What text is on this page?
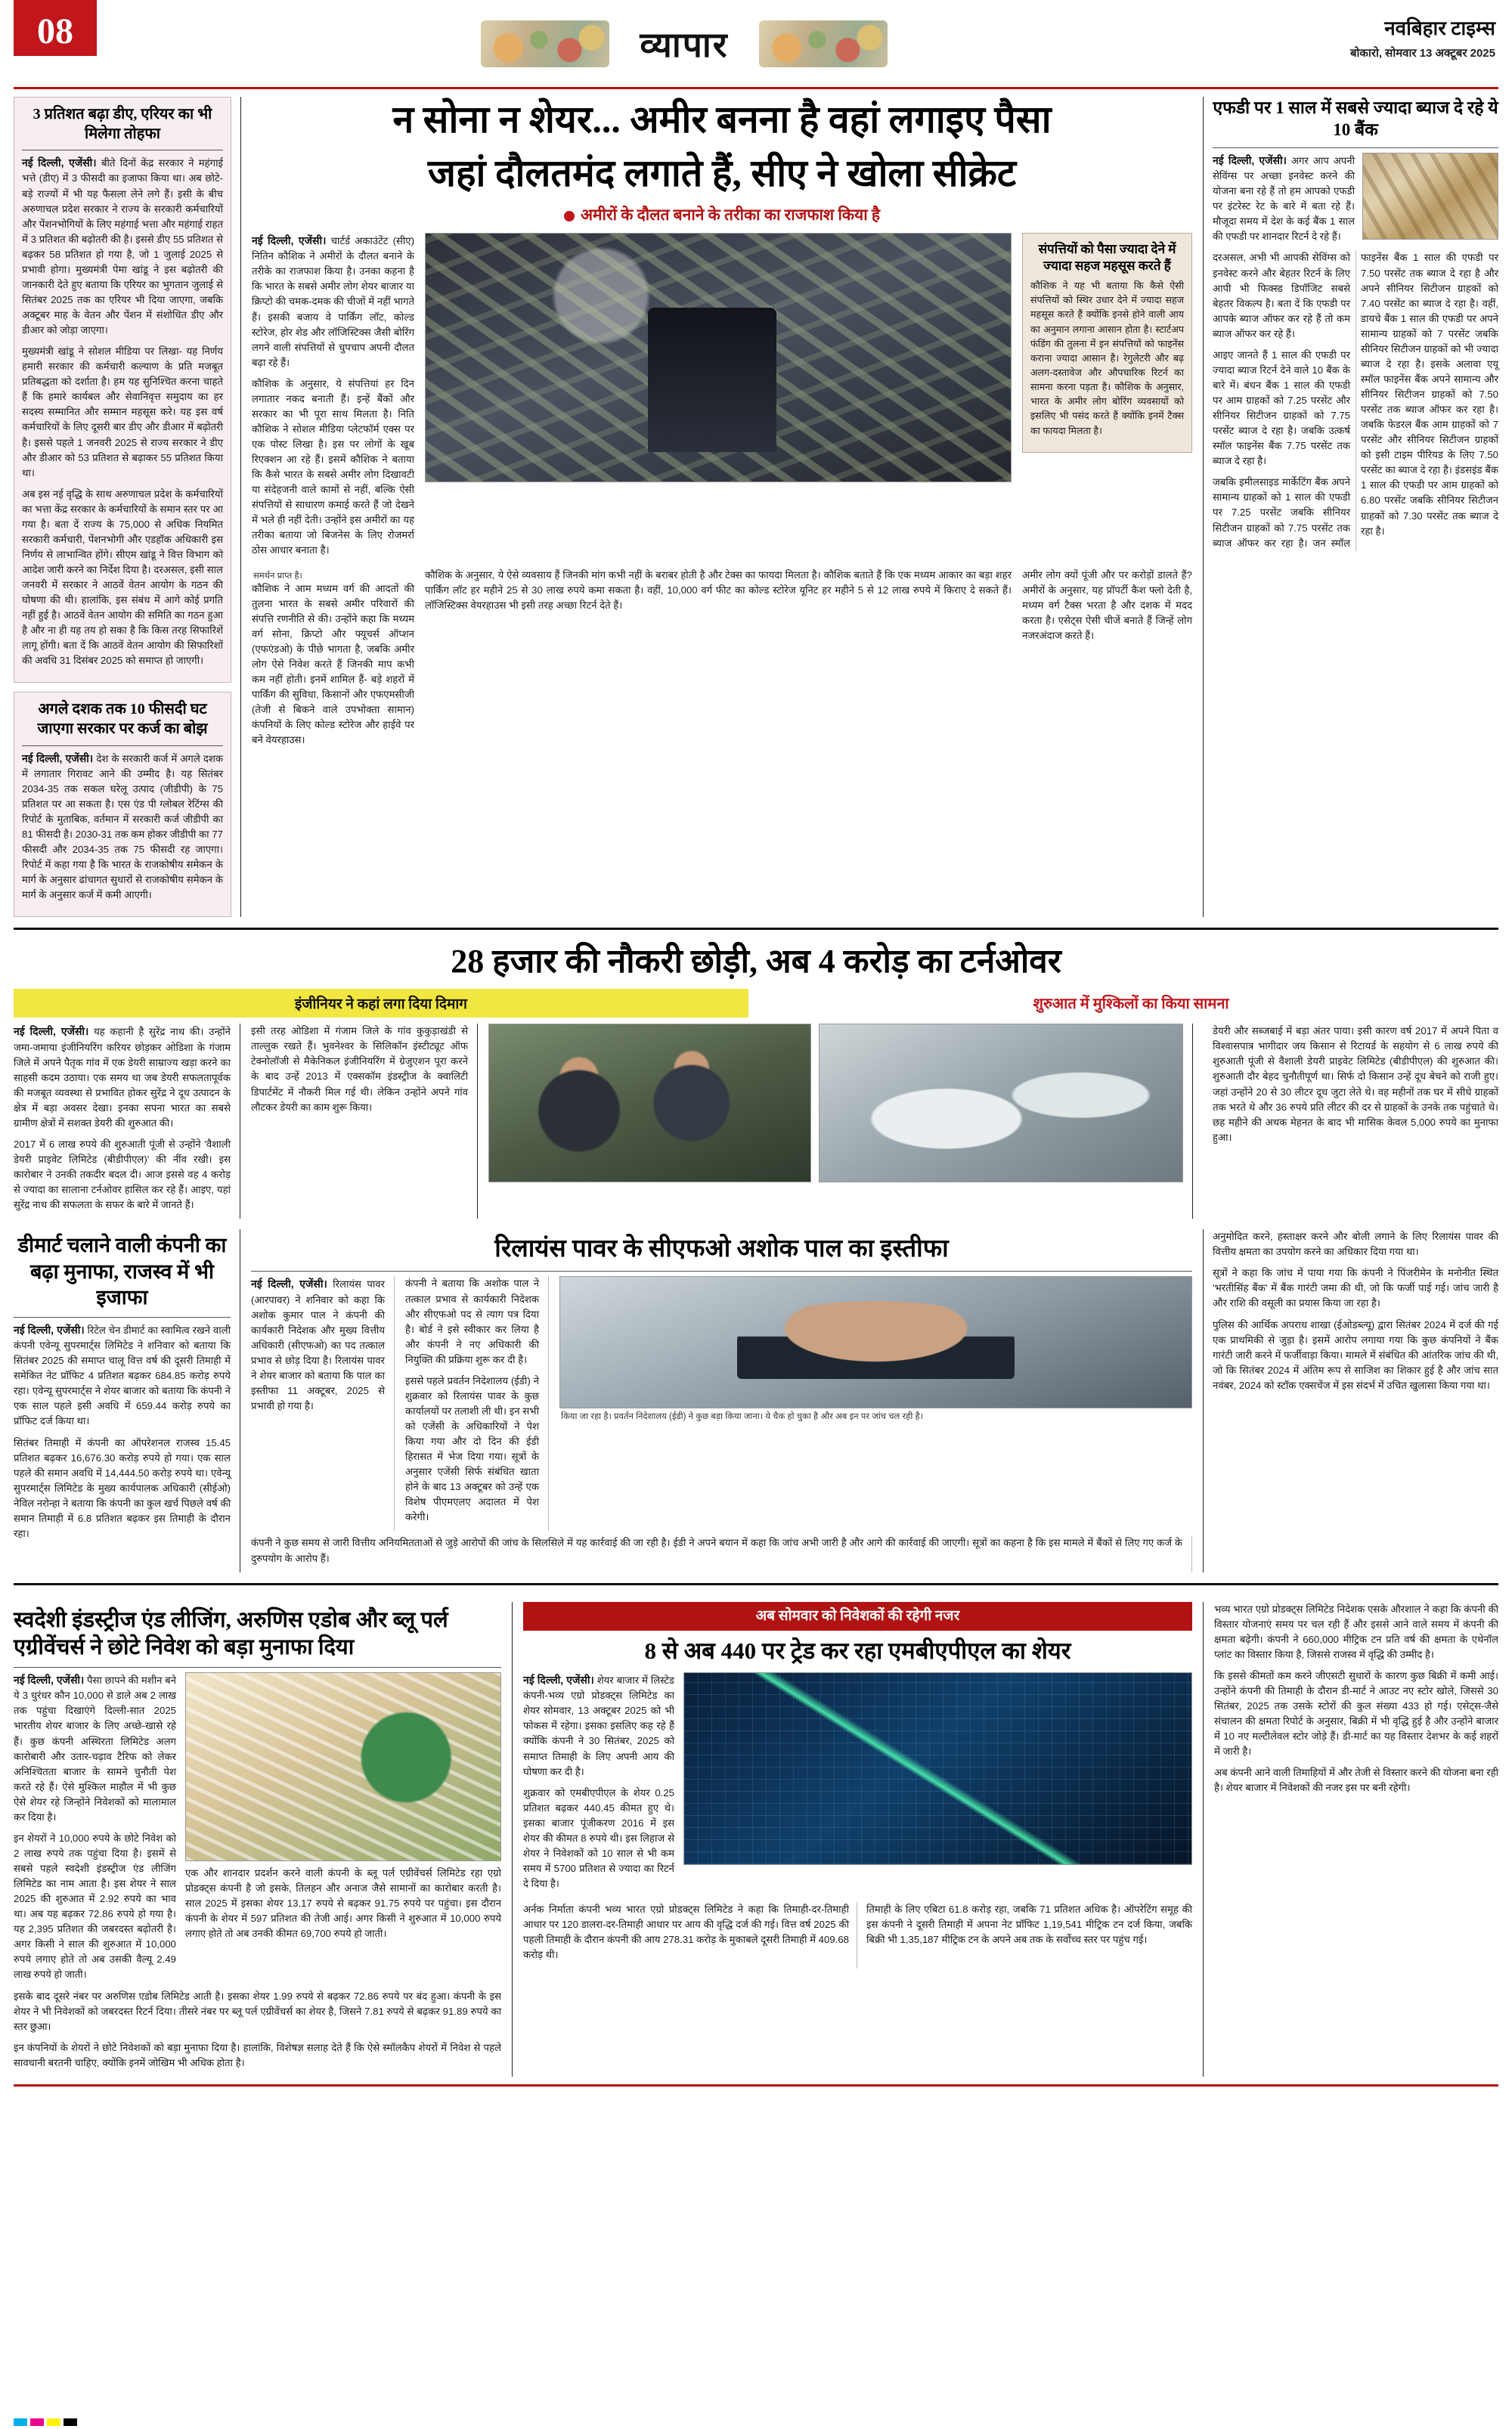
08	व्यापार	नवबिहार टाइम्स
बोकारो, सोमवार 13 अक्टूबर 2025
3 प्रतिशत बढ़ा डीए, एरियर का भी मिलेगा तोहफा

नई दिल्ली, एजेंसी। बीते दिनों केंद्र सरकार ने महंगाई भत्ते (डीए) में 3 फीसदी का इजाफा किया था। अब छोटे-बड़े राज्यों में भी यह फैसला लेने लगे हैं। इसी के बीच अरुणाचल प्रदेश सरकार ने राज्य के सरकारी कर्मचारियों और पेंशनभोगियों के लिए महंगाई भत्ता और महंगाई राहत में 3 प्रतिशत की बढ़ोतरी की है। इससे डीए 55 प्रतिशत से बढ़कर 58 प्रतिशत हो गया है, जो 1 जुलाई 2025 से प्रभावी होगा। मुख्यमंत्री पेमा खांडू ने इस बढ़ोतरी की जानकारी देते हुए बताया कि एरियर का भुगतान जुलाई से सितंबर 2025 तक का एरियर भी दिया जाएगा, जबकि अक्टूबर माह के वेतन और पेंशन में संशोधित डीए और डीआर को जोड़ा जाएगा।

मुख्यमंत्री खांडू ने सोशल मीडिया पर लिखा- यह निर्णय हमारी सरकार की कर्मचारी कल्याण के प्रति मजबूत प्रतिबद्धता को दर्शाता है। हम यह सुनिश्चित करना चाहते हैं कि हमारे कार्यबल और सेवानिवृत्त समुदाय का हर सदस्य सम्मानित और सम्मान महसूस करे। यह इस वर्ष कर्मचारियों के लिए दूसरी बार डीए और डीआर में बढ़ोतरी है। इससे पहले 1 जनवरी 2025 से राज्य सरकार ने डीए और डीआर को 53 प्रतिशत से बढ़ाकर 55 प्रतिशत किया था।

अब इस नई वृद्धि के साथ अरुणाचल प्रदेश के कर्मचारियों का भत्ता केंद्र सरकार के कर्मचारियों के समान स्तर पर आ गया है। बता दें राज्य के 75,000 से अधिक नियमित सरकारी कर्मचारी, पेंशनभोगी और एडहॉक अधिकारी इस निर्णय से लाभान्वित होंगे। सीएम खांडू ने वित्त विभाग को आदेश जारी करने का निर्देश दिया है। दरअसल, इसी साल जनवरी में सरकार ने आठवें वेतन आयोग के गठन की घोषणा की थी। हालांकि, इस संबंध में आगे कोई प्रगति नहीं हुई है। आठवें वेतन आयोग की समिति का गठन हुआ है और ना ही यह तय हो सका है कि किस तरह सिफारिशें लागू होंगी। बता दें कि आठवें वेतन आयोग की सिफारिशों की अवधि 31 दिसंबर 2025 को समाप्त हो जाएगी।

अगले दशक तक 10 फीसदी घट जाएगा सरकार पर कर्ज का बोझ

नई दिल्ली, एजेंसी। देश के सरकारी कर्ज में अगले दशक में लगातार गिरावट आने की उम्मीद है। यह सितंबर 2034-35 तक सकल घरेलू उत्पाद (जीडीपी) के 75 प्रतिशत पर आ सकता है। एस एंड पी ग्लोबल रेटिंग्स की रिपोर्ट के मुताबिक, वर्तमान में सरकारी कर्ज जीडीपी का 81 फीसदी है। 2030-31 तक कम होकर जीडीपी का 77 फीसदी और 2034-35 तक 75 फीसदी रह जाएगा। रिपोर्ट में कहा गया है कि भारत के राजकोषीय समेकन के मार्ग के अनुसार ढांचागत सुधारों से राजकोषीय समेकन के मार्ग के अनुसार कर्ज में कमी आएगी।

न सोना न शेयर... अमीर बनना है वहां लगाइए पैसा
जहां दौलतमंद लगाते हैं, सीए ने खोला सीक्रेट
अमीरों के दौलत बनाने के तरीका का राजफाश किया है

नई दिल्ली, एजेंसी। चार्टर्ड अकाउंटेंट (सीए) नितिन कौशिक ने अमीरों के दौलत बनाने के तरीके का राजफाश किया है। उनका कहना है कि भारत के सबसे अमीर लोग शेयर बाजार या क्रिप्टो की चमक-दमक की चीजों में नहीं भागते हैं। इसकी बजाय वे पार्किंग लॉट, कोल्ड स्टोरेज, होर शेड और लॉजिस्टिक्स जैसी बोरिंग लगने वाली संपत्तियों से चुपचाप अपनी दौलत बढ़ा रहे हैं।

कौशिक के अनुसार, ये संपत्तियां हर दिन लगातार नकद बनाती हैं। इन्हें बैंकों और सरकार का भी पूरा साथ मिलता है। निति कौशिक ने सोशल मीडिया प्लेटफॉर्म एक्स पर एक पोस्ट लिखा है। इस पर लोगों के खूब रिएक्शन आ रहे हैं। इसमें कौशिक ने बताया कि कैसे भारत के सबसे अमीर लोग दिखावटी या संदेहजनी वाले कामों से नहीं, बल्कि ऐसी संपत्तियों से साधारण कमाई करते हैं जो देखने में भले ही नहीं देती। उन्होंने इस अमीरों का यह तरीका बताया जो बिजनेस के लिए रोजमर्रा ठोस आधार बनाता है।

संपत्तियों को पैसा ज्यादा देने में ज्यादा सहज महसूस करते हैं

कौशिक ने यह भी बताया कि कैसे ऐसी संपत्तियों को स्थिर उधार देने में ज्यादा सहज महसूस करते हैं क्योंकि इनसे होने वाली आय का अनुमान लगाना आसान होता है। स्टार्टअप फंडिंग की तुलना में इन संपत्तियों को फाइनेंस कराना ज्यादा आसान है। रेगुलेटरी और बढ़ अलग-दस्तावेज और औपचारिक रिटर्न का सामना करना पड़ता है। कौशिक के अनुसार, भारत के अमीर लोग बोरिंग व्यवसायों को इसलिए भी पसंद करते हैं क्योंकि इनमें टैक्स का फायदा मिलता है।

समर्थन प्राप्त है।

कौशिक ने आम मध्यम वर्ग की आदतों की तुलना भारत के सबसे अमीर परिवारों की संपत्ति रणनीति से की। उन्होंने कहा कि मध्यम वर्ग सोना, क्रिप्टो और फ्यूचर्स ऑप्शन (एफएंडओ) के पीछे भागता है, जबकि अमीर लोग ऐसे निवेश करते हैं जिनकी माप कभी कम नहीं होती। इनमें शामिल हैं- बड़े शहरों में पार्किंग की सुविधा, किसानों और एफएमसीजी (तेजी से बिकने वाले उपभोक्ता सामान) कंपनियों के लिए कोल्ड स्टोरेज और हाईवे पर बने वेयरहाउस।

कौशिक के अनुसार, ये ऐसे व्यवसाय हैं जिनकी मांग कभी नहीं के बराबर होती है और टेक्स का फायदा मिलता है। कौशिक बताते हैं कि एक मध्यम आकार का बड़ा शहर पार्किंग लॉट हर महीने 25 से 30 लाख रुपये कमा सकता है। वहीं, 10,000 वर्ग फीट का कोल्ड स्टोरेज यूनिट हर महीने 5 से 12 लाख रुपये में किराए दे सकते हैं। लॉजिस्टिक्स वेयरहाउस भी इसी तरह अच्छा रिटर्न देते हैं।

अमीर लोग क्यों पूंजी और पर करोड़ों डालते हैं? अमीरों के अनुसार, यह प्रॉपर्टी कैश फ्लो देती है, मध्यम वर्ग टैक्स भरता है और दशक में मदद करता है। एसेट्स ऐसी चीजें बनाते हैं जिन्हें लोग नजरअंदाज करते हैं।

एफडी पर 1 साल में सबसे ज्यादा ब्याज दे रहे ये 10 बैंक

नई दिल्ली, एजेंसी। अगर आप अपनी सेविंग्स पर अच्छा इनवेस्ट करने की योजना बना रहे हैं तो हम आपको एफडी पर इंटरेस्ट रेट के बारे में बता रहे हैं। मौजूदा समय में देश के कई बैंक 1 साल की एफडी पर शानदार रिटर्न दे रहे हैं।

दरअसल, अभी भी आपकी सेविंग्स को इनवेस्ट करने और बेहतर रिटर्न के लिए आपी भी फिक्स्ड डिपॉजिट सबसे बेहतर विकल्प है। बता दें कि एफडी पर आपके ब्याज ऑफर कर रहे हैं तो कम ब्याज ऑफर कर रहे हैं।

आइए जानते हैं 1 साल की एफडी पर ज्यादा ब्याज रिटर्न देने वाले 10 बैंक के बारे में। बंधन बैंक 1 साल की एफडी पर आम ग्राहकों को 7.25 परसेंट और सीनियर सिटीजन ग्राहकों को 7.75 परसेंट ब्याज दे रहा है। जबकि उत्कर्ष स्मॉल फाइनेंस बैंक 7.75 परसेंट तक ब्याज दे रहा है।

जबकि इमीलसाइड मार्केटिंग बैंक अपने सामान्य ग्राहकों को 1 साल की एफडी पर 7.25 परसेंट जबकि सीनियर सिटीजन ग्राहकों को 7.75 परसेंट तक ब्याज ऑफर कर रहा है। जन स्मॉल फाइनेंस बैंक 1 साल की एफडी पर 7.50 परसेंट तक ब्याज दे रहा है और अपने सीनियर सिटीजन ग्राहकों को 7.40 परसेंट का ब्याज दे रहा है। वहीं, डायचे बैंक 1 साल की एफडी पर अपने सामान्य ग्राहकों को 7 परसेंट जबकि सीनियर सिटीजन ग्राहकों को भी ज्यादा ब्याज दे रहा है। इसके अलावा एयू स्मॉल फाइनेंस बैंक अपने सामान्य और सीनियर सिटीजन ग्राहकों को 7.50 परसेंट तक ब्याज ऑफर कर रहा है। जबकि फेडरल बैंक आम ग्राहकों को 7 परसेंट और सीनियर सिटीजन ग्राहकों को इसी टाइम पीरियड के लिए 7.50 परसेंट का ब्याज दे रहा है। इंडसइंड बैंक 1 साल की एफडी पर आम ग्राहकों को 6.80 परसेंट जबकि सीनियर सिटीजन ग्राहकों को 7.30 परसेंट तक ब्याज दे रहा है।

28 हजार की नौकरी छोड़ी, अब 4 करोड़ का टर्नओवर
इंजीनियर ने कहां लगा दिया दिमाग	शुरुआत में मुश्किलों का किया सामना

नई दिल्ली, एजेंसी। यह कहानी है सुरेंद्र नाथ की। उन्होंने जमा-जमाया इंजीनियरिंग करियर छोड़कर ओडिशा के गंजाम जिले में अपने पैतृक गांव में एक डेयरी साम्राज्य खड़ा करने का साहसी कदम उठाया। एक समय था जब डेयरी सफलतापूर्वक की मजबूत व्यवस्था से प्रभावित होकर सुरेंद्र ने दूध उत्पादन के क्षेत्र में बड़ा अवसर देखा। इनका सपना भारत का सबसे ग्रामीण क्षेत्रों में सशक्त डेयरी की शुरुआत की।

2017 में 6 लाख रुपये की शुरुआती पूंजी से उन्होंने 'वैशाली डेयरी प्राइवेट लिमिटेड (बीडीपीएल)' की नींव रखी। इस कारोबार ने उनकी तकदीर बदल दी। आज इससे वह 4 करोड़ से ज्यादा का सालाना टर्नओवर हासिल कर रहे हैं। आइए, यहां सुरेंद्र नाथ की सफलता के सफर के बारे में जानते हैं।

इसी तरह ओडिशा में गंजाम जिले के गांव कुकुड़ाखंडी से ताल्लुक रखते हैं। भुवनेश्वर के सिलिकॉन इंस्टीट्यूट ऑफ टेक्नोलॉजी से मैकेनिकल इंजीनियरिंग में ग्रेजुएशन पूरा करने के बाद उन्हें 2013 में एक्सकॉम इंडस्ट्रीज के क्वालिटी डिपार्टमेंट में नौकरी मिल गई थी। लेकिन उन्होंने अपने गांव लौटकर डेयरी का काम शुरू किया।

डेयरी और सब्जबाई में बड़ा अंतर पाया। इसी कारण वर्ष 2017 में अपने पिता व विश्वासपात्र भागीदार जय किसान से रिटायर्ड के सहयोग से 6 लाख रुपये की शुरुआती पूंजी से वैशाली डेयरी प्राइवेट लिमिटेड (बीडीपीएल) की शुरुआत की। शुरुआती दौर बेहद चुनौतीपूर्ण था। सिर्फ दो किसान उन्हें दूध बेचने को राजी हुए। जहां उन्होंने 20 से 30 लीटर दूध जुटा लेते थे। वह महीनों तक घर में सीधे ग्राहकों तक भरते थे और 36 रुपये प्रति लीटर की दर से ग्राहकों के उनके तक पहुंचाते थे। छह महीने की अथक मेहनत के बाद भी मासिक केवल 5,000 रुपये का मुनाफा हुआ।

डीमार्ट चलाने वाली कंपनी का बढ़ा मुनाफा, राजस्व में भी इजाफा

नई दिल्ली, एजेंसी। रिटेल चेन डीमार्ट का स्वामित्व रखने वाली कंपनी एवेन्यू सुपरमार्ट्स लिमिटेड ने शनिवार को बताया कि सितंबर 2025 की समाप्त चालू वित्त वर्ष की दूसरी तिमाही में समेकित नेट प्रॉफिट 4 प्रतिशत बढ़कर 684.85 करोड़ रुपये रहा। एवेन्यू सुपरमार्ट्स ने शेयर बाजार को बताया कि कंपनी ने एक साल पहले इसी अवधि में 659.44 करोड़ रुपये का प्रॉफिट दर्ज किया था।

सितंबर तिमाही में कंपनी का ऑपरेशनल राजस्व 15.45 प्रतिशत बढ़कर 16,676.30 करोड़ रुपये हो गया। एक साल पहले की समान अवधि में 14,444.50 करोड़ रुपये था। एवेन्यू सुपरमार्ट्स लिमिटेड के मुख्य कार्यपालक अधिकारी (सीईओ) नेविल नरोन्हा ने बताया कि कंपनी का कुल खर्च पिछले वर्ष की समान तिमाही में 6.8 प्रतिशत बढ़कर इस तिमाही के दौरान रहा।

रिलायंस पावर के सीएफओ अशोक पाल का इस्तीफा

नई दिल्ली, एजेंसी। रिलायंस पावर (आरपावर) ने शनिवार को कहा कि अशोक कुमार पाल ने कंपनी की कार्यकारी निदेशक और मुख्य वित्तीय अधिकारी (सीएफओ) का पद तत्काल प्रभाव से छोड़ दिया है। रिलायंस पावर ने शेयर बाजार को बताया कि पाल का इस्तीफा 11 अक्टूबर, 2025 से प्रभावी हो गया है।

कंपनी ने बताया कि अशोक पाल ने तत्काल प्रभाव से कार्यकारी निदेशक और सीएफओ पद से त्याग पत्र दिया है। बोर्ड ने इसे स्वीकार कर लिया है और कंपनी ने नए अधिकारी की नियुक्ति की प्रक्रिया शुरू कर दी है।

इससे पहले प्रवर्तन निदेशालय (ईडी) ने शुक्रवार को रिलायंस पावर के कुछ कार्यालयों पर तलाशी ली थी। इन सभी को एजेंसी के अधिकारियों ने पेश किया गया और दो दिन की ईडी हिरासत में भेज दिया गया। सूत्रों के अनुसार एजेंसी सिर्फ संबंधित खाता होने के बाद 13 अक्टूबर को उन्हें एक विशेष पीएमएलए अदालत में पेश करेगी।

किया जा रहा है। प्रवर्तन निदेशालय (ईडी) ने कुछ बड़ा किया जाना। ये चैक हो चुका है और अब इन पर जांच चल रही है।

कंपनी ने कुछ समय से जारी वित्तीय अनियमितताओं से जुड़े आरोपों की जांच के सिलसिले में यह कार्रवाई की जा रही है। ईडी ने अपने बयान में कहा कि जांच अभी जारी है और आगे की कार्रवाई की जाएगी। सूत्रों का कहना है कि इस मामले में बैंकों से लिए गए कर्ज के दुरुपयोग के आरोप हैं।

अनुमोदित करने, हस्ताक्षर करने और बोली लगाने के लिए रिलायंस पावर की वित्तीय क्षमता का उपयोग करने का अधिकार दिया गया था।

सूत्रों ने कहा कि जांच में पाया गया कि कंपनी ने पिंजरीमेन के मनोनीत स्थित 'भरतीसिंह बैंक' में बैंक गारंटी जमा की थी, जो कि फर्जी पाई गई। जांच जारी है और राशि की वसूली का प्रयास किया जा रहा है।

पुलिस की आर्थिक अपराध शाखा (ईओडब्ल्यू) द्वारा सितंबर 2024 में दर्ज की गई एक प्राथमिकी से जुड़ा है। इसमें आरोप लगाया गया कि कुछ कंपनियों ने बैंक गारंटी जारी करने में फर्जीवाड़ा किया। मामले में संबंधित की आंतरिक जांच की थी, जो कि सितंबर 2024 में अंतिम रूप से साजिश का शिकार हुई है और जांच सात नवंबर, 2024 को स्टॉक एक्सचेंज में इस संदर्भ में उचित खुलासा किया गया था।

स्वदेशी इंडस्ट्रीज एंड लीजिंग, अरुणिस एडोब और ब्लू पर्ल एग्रीवेंचर्स ने छोटे निवेश को बड़ा मुनाफा दिया

नई दिल्ली, एजेंसी। पैसा छापने की मशीन बने ये 3 धुरंधर कौन 10,000 से डाले अब 2 लाख तक पहुंचा दिखाएंगे दिल्ली-सात 2025 भारतीय शेयर बाजार के लिए अच्छे-खासे रहे हैं। कुछ कंपनी अस्थिरता लिमिटेड अलग कारोबारी और उतार-चढ़ाव टैरिफ को लेकर अनिश्चितता बाजार के सामने चुनौती पेश करते रहे हैं। ऐसे मुश्किल माहौल में भी कुछ ऐसे शेयर रहे जिन्होंने निवेशकों को मालामाल कर दिया है।

इन शेयरों ने 10,000 रुपये के छोटे निवेश को 2 लाख रुपये तक पहुंचा दिया है। इसमें से सबसे पहले स्वदेशी इंडस्ट्रीज एंड लीजिंग लिमिटेड का नाम आता है। इस शेयर ने साल 2025 की शुरुआत में 2.92 रुपये का भाव था। अब यह बढ़कर 72.86 रुपये हो गया है। यह 2,395 प्रतिशत की जबरदस्त बढ़ोतरी है। अगर किसी ने साल की शुरुआत में 10,000 रुपये लगाए होते तो अब उसकी वैल्यू 2.49 लाख रुपये हो जाती।

एक और शानदार प्रदर्शन करने वाली कंपनी के ब्लू पर्ल एग्रीवेंचर्स लिमिटेड रहा एग्रो प्रोडक्ट्स कंपनी है जो इसके, तिलहन और अनाज जैसे सामानों का कारोबार करती है। साल 2025 में इसका शेयर 13.17 रुपये से बढ़कर 91.75 रुपये पर पहुंचा। इस दौरान कंपनी के शेयर में 597 प्रतिशत की तेजी आई। अगर किसी ने शुरुआत में 10,000 रुपये लगाए होते तो अब उनकी कीमत 69,700 रुपये हो जाती।

इसके बाद दूसरे नंबर पर अरुणिस एडोब लिमिटेड आती है। इसका शेयर 1.99 रुपये से बढ़कर 72.86 रुपये पर बंद हुआ। कंपनी के इस शेयर ने भी निवेशकों को जबरदस्त रिटर्न दिया। तीसरे नंबर पर ब्लू पर्ल एग्रीवेंचर्स का शेयर है, जिसने 7.81 रुपये से बढ़कर 91.89 रुपये का स्तर छुआ।

इन कंपनियों के शेयरों ने छोटे निवेशकों को बड़ा मुनाफा दिया है। हालांकि, विशेषज्ञ सलाह देते हैं कि ऐसे स्मॉलकैप शेयरों में निवेश से पहले सावधानी बरतनी चाहिए, क्योंकि इनमें जोखिम भी अधिक होता है।

अब सोमवार को निवेशकों की रहेगी नजर
8 से अब 440 पर ट्रेड कर रहा एमबीएपीएल का शेयर

नई दिल्ली, एजेंसी। शेयर बाजार में लिस्टेड कंपनी-भव्य एग्रो प्रोडक्ट्स लिमिटेड का शेयर सोमवार, 13 अक्टूबर 2025 को भी फोकस में रहेगा। इसका इसलिए कह रहे हैं क्योंकि कंपनी ने 30 सितंबर, 2025 को समाप्त तिमाही के लिए अपनी आय की घोषणा कर दी है।

शुक्रवार को एमबीएपीएल के शेयर 0.25 प्रतिशत बढ़कर 440.45 कीमत हुए थे। इसका बाजार पूंजीकरण 2016 में इस शेयर की कीमत 8 रुपये थी। इस लिहाज से शेयर ने निवेशकों को 10 साल से भी कम समय में 5700 प्रतिशत से ज्यादा का रिटर्न दे दिया है।

अर्नक निर्माता कंपनी भव्य भारत एग्रो प्रोडक्ट्स लिमिटेड ने कहा कि तिमाही-दर-तिमाही आधार पर 120 डालरा-दर-तिमाही आधार पर आय की वृद्धि दर्ज की गई। वित्त वर्ष 2025 की पहली तिमाही के दौरान कंपनी की आय 278.31 करोड़ के मुकाबले दूसरी तिमाही में 409.68 करोड़ थी।

तिमाही के लिए एबिटा 61.8 करोड़ रहा, जबकि 71 प्रतिशत अधिक है। ऑपरेटिंग समूह की इस कंपनी ने दूसरी तिमाही में अपना नेट प्रॉफिट 1,19,541 मीट्रिक टन दर्ज किया, जबकि बिक्री भी 1,35,187 मीट्रिक टन के अपने अब तक के सर्वोच्च स्तर पर पहुंच गई।

भव्य भारत एग्रो प्रोडक्ट्स लिमिटेड निदेशक एसके औरशाल ने कहा कि कंपनी की विस्तार योजनाएं समय पर चल रही हैं और इससे आने वाले समय में कंपनी की क्षमता बढ़ेगी। कंपनी ने 660,000 मीट्रिक टन प्रति वर्ष की क्षमता के एथेनॉल प्लांट का विस्तार किया है, जिससे राजस्व में वृद्धि की उम्मीद है।

कि इससे कीमतों कम करने जीएसटी सुधारों के कारण कुछ बिक्री में कमी आई। उन्होंने कंपनी की तिमाही के दौरान डी-मार्ट ने आउट नए स्टोर खोले, जिससे 30 सितंबर, 2025 तक उसके स्टोरों की कुल संख्या 433 हो गई। एसेट्स-जैसे संचालन की क्षमता रिपोर्ट के अनुसार, बिक्री में भी वृद्धि हुई है और उन्होंने बाजार में 10 नए मल्टीलेवल स्टोर जोड़े हैं। डी-मार्ट का यह विस्तार देशभर के कई शहरों में जारी है।

अब कंपनी आने वाली तिमाहियों में और तेजी से विस्तार करने की योजना बना रही है। शेयर बाजार में निवेशकों की नजर इस पर बनी रहेगी।
